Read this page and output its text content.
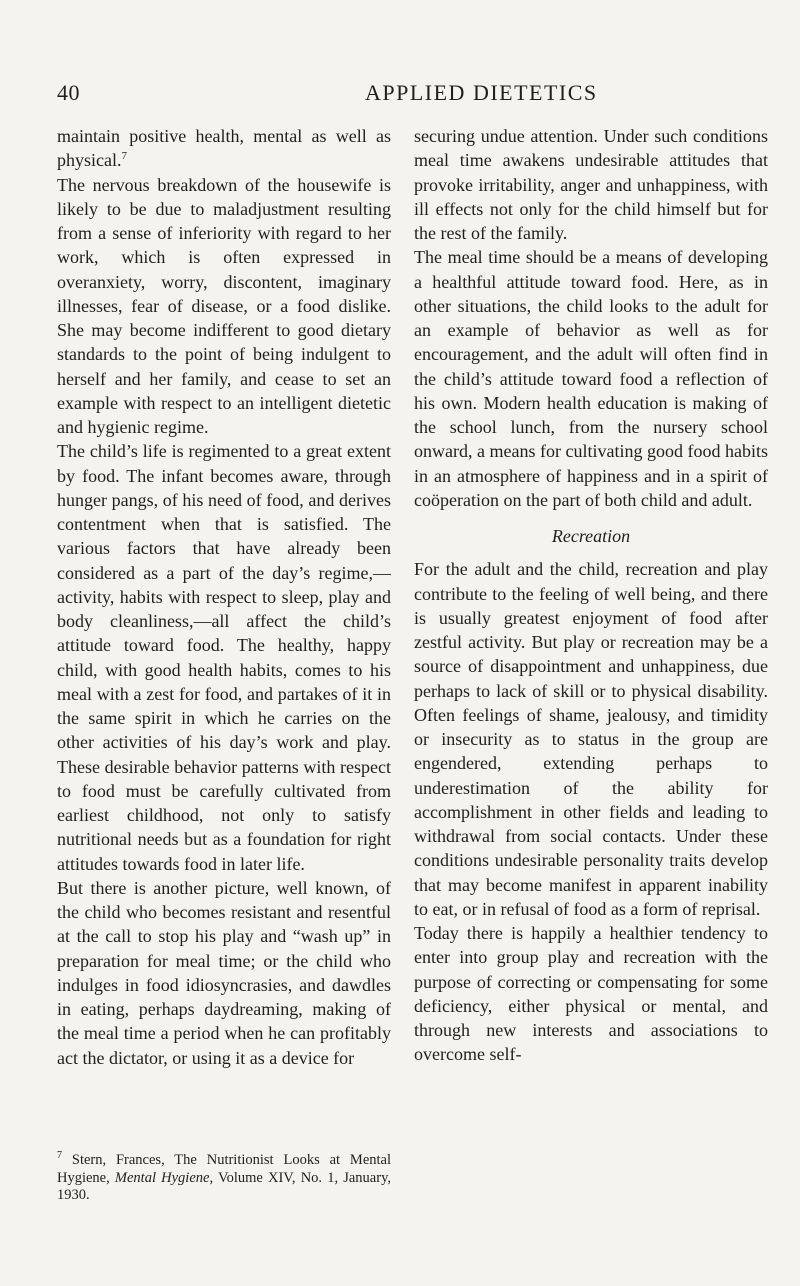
40	APPLIED DIETETICS

maintain positive health, mental as well as physical.$^7$

The nervous breakdown of the housewife is likely to be due to maladjustment resulting from a sense of inferiority with regard to her work, which is often expressed in overanxiety, worry, discontent, imaginary illnesses, fear of disease, or a food dislike. She may become indifferent to good dietary standards to the point of being indulgent to herself and her family, and cease to set an example with respect to an intelligent dietetic and hygienic regime.

The child’s life is regimented to a great extent by food. The infant becomes aware, through hunger pangs, of his need of food, and derives contentment when that is satisfied. The various factors that have already been considered as a part of the day’s regime,—activity, habits with respect to sleep, play and body cleanliness,—all affect the child’s attitude toward food. The healthy, happy child, with good health habits, comes to his meal with a zest for food, and partakes of it in the same spirit in which he carries on the other activities of his day’s work and play. These desirable behavior patterns with respect to food must be carefully cultivated from earliest childhood, not only to satisfy nutritional needs but as a foundation for right attitudes towards food in later life.

But there is another picture, well known, of the child who becomes resistant and resentful at the call to stop his play and “wash up” in preparation for meal time; or the child who indulges in food idiosyncrasies, and dawdles in eating, perhaps daydreaming, making of the meal time a period when he can profitably act the dictator, or using it as a device for

$^7$ Stern, Frances, The Nutritionist Looks at Mental Hygiene, Mental Hygiene, Volume XIV, No. 1, January, 1930.

securing undue attention. Under such conditions meal time awakens undesirable attitudes that provoke irritability, anger and unhappiness, with ill effects not only for the child himself but for the rest of the family.

The meal time should be a means of developing a healthful attitude toward food. Here, as in other situations, the child looks to the adult for an example of behavior as well as for encouragement, and the adult will often find in the child’s attitude toward food a reflection of his own. Modern health education is making of the school lunch, from the nursery school onward, a means for cultivating good food habits in an atmosphere of happiness and in a spirit of coöperation on the part of both child and adult.

Recreation

For the adult and the child, recreation and play contribute to the feeling of well being, and there is usually greatest enjoyment of food after zestful activity. But play or recreation may be a source of disappointment and unhappiness, due perhaps to lack of skill or to physical disability. Often feelings of shame, jealousy, and timidity or insecurity as to status in the group are engendered, extending perhaps to underestimation of the ability for accomplishment in other fields and leading to withdrawal from social contacts. Under these conditions undesirable personality traits develop that may become manifest in apparent inability to eat, or in refusal of food as a form of reprisal.

Today there is happily a healthier tendency to enter into group play and recreation with the purpose of correcting or compensating for some deficiency, either physical or mental, and through new interests and associations to overcome self-
